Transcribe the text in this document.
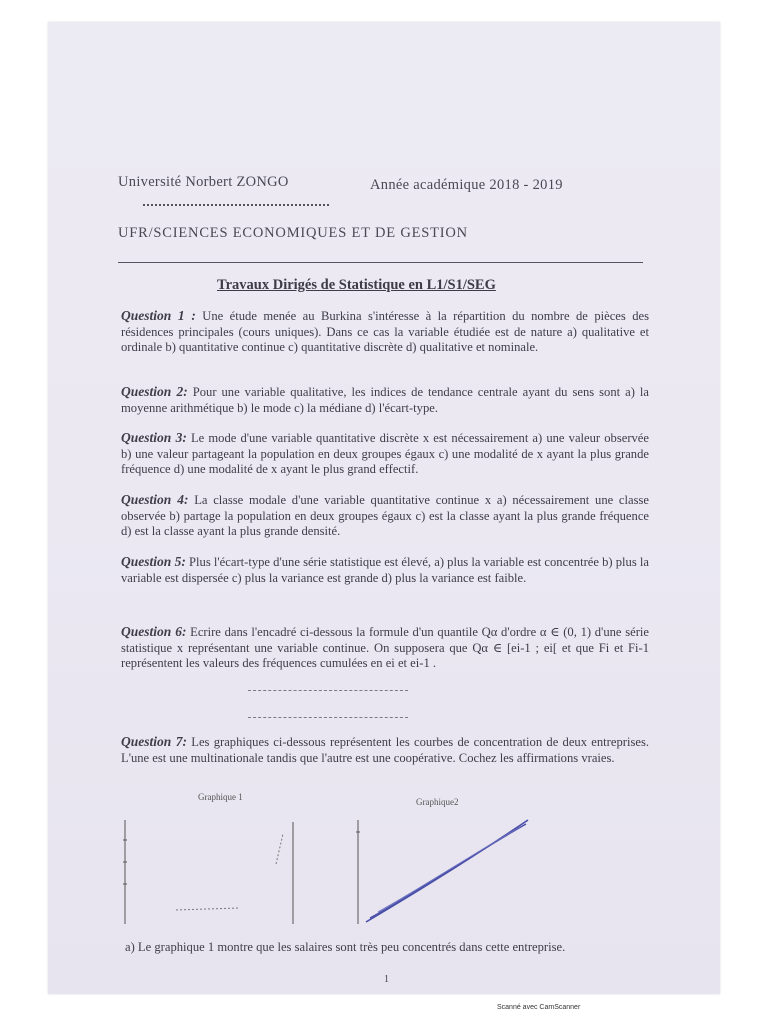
Université Norbert ZONGO	Année académique 2018 - 2019
UFR/SCIENCES ECONOMIQUES ET DE GESTION
Travaux Dirigés de Statistique en L1/S1/SEG
Question 1 : Une étude menée au Burkina s'intéresse à la répartition du nombre de pièces des résidences principales (cours uniques). Dans ce cas la variable étudiée est de nature a) qualitative et ordinale b) quantitative continue c) quantitative discrète d) qualitative et nominale.
Question 2: Pour une variable qualitative, les indices de tendance centrale ayant du sens sont a) la moyenne arithmétique b) le mode c) la médiane d) l'écart-type.
Question 3: Le mode d'une variable quantitative discrète x est nécessairement a) une valeur observée b) une valeur partageant la population en deux groupes égaux c) une modalité de x ayant la plus grande fréquence d) une modalité de x ayant le plus grand effectif.
Question 4: La classe modale d'une variable quantitative continue x a) nécessairement une classe observée b) partage la population en deux groupes égaux c) est la classe ayant la plus grande fréquence d) est la classe ayant la plus grande densité.
Question 5: Plus l'écart-type d'une série statistique est élevé, a) plus la variable est concentrée b) plus la variable est dispersée c) plus la variance est grande d) plus la variance est faible.
Question 6: Ecrire dans l'encadré ci-dessous la formule d'un quantile Qα d'ordre α ∈ (0, 1) d'une série statistique x représentant une variable continue. On supposera que Qα ∈ [ei-1 ; ei[ et que Fi et Fi-1 représentent les valeurs des fréquences cumulées en ei et ei-1 .
Question 7: Les graphiques ci-dessous représentent les courbes de concentration de deux entreprises. L'une est une multinationale tandis que l'autre est une coopérative. Cochez les affirmations vraies.
Graphique 1	Graphique2
a) Le graphique 1 montre que les salaires sont très peu concentrés dans cette entreprise.
1
Scanné avec CamScanner
